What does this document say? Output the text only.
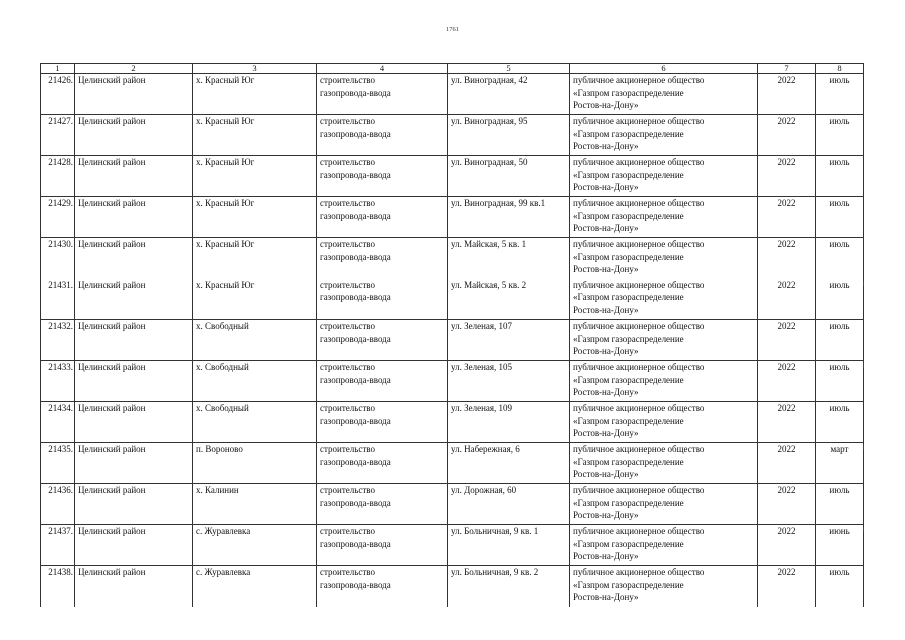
1761
1	2	3	4	5	6	7	8
21426.	Целинский район	х. Красный Юг	строительство
газопровода-ввода	ул. Виноградная, 42	публичное акционерное общество
«Газпром газораспределение
Ростов-на-Дону»	2022	июль
21427.	Целинский район	х. Красный Юг	строительство
газопровода-ввода	ул. Виноградная, 95	публичное акционерное общество
«Газпром газораспределение
Ростов-на-Дону»	2022	июль
21428.	Целинский район	х. Красный Юг	строительство
газопровода-ввода	ул. Виноградная, 50	публичное акционерное общество
«Газпром газораспределение
Ростов-на-Дону»	2022	июль
21429.	Целинский район	х. Красный Юг	строительство
газопровода-ввода	ул. Виноградная, 99 кв.1	публичное акционерное общество
«Газпром газораспределение
Ростов-на-Дону»	2022	июль
21430.	Целинский район	х. Красный Юг	строительство
газопровода-ввода	ул. Майская, 5 кв. 1	публичное акционерное общество
«Газпром газораспределение
Ростов-на-Дону»	2022	июль
21431.	Целинский район	х. Красный Юг	строительство
газопровода-ввода	ул. Майская, 5 кв. 2	публичное акционерное общество
«Газпром газораспределение
Ростов-на-Дону»	2022	июль
21432.	Целинский район	х. Свободный	строительство
газопровода-ввода	ул. Зеленая, 107	публичное акционерное общество
«Газпром газораспределение
Ростов-на-Дону»	2022	июль
21433.	Целинский район	х. Свободный	строительство
газопровода-ввода	ул. Зеленая, 105	публичное акционерное общество
«Газпром газораспределение
Ростов-на-Дону»	2022	июль
21434.	Целинский район	х. Свободный	строительство
газопровода-ввода	ул. Зеленая, 109	публичное акционерное общество
«Газпром газораспределение
Ростов-на-Дону»	2022	июль
21435.	Целинский район	п. Вороново	строительство
газопровода-ввода	ул. Набережная, 6	публичное акционерное общество
«Газпром газораспределение
Ростов-на-Дону»	2022	март
21436.	Целинский район	х. Калинин	строительство
газопровода-ввода	ул. Дорожная, 60	публичное акционерное общество
«Газпром газораспределение
Ростов-на-Дону»	2022	июль
21437.	Целинский район	с. Журавлевка	строительство
газопровода-ввода	ул. Больничная, 9 кв. 1	публичное акционерное общество
«Газпром газораспределение
Ростов-на-Дону»	2022	июнь
21438.	Целинский район	с. Журавлевка	строительство
газопровода-ввода	ул. Больничная, 9 кв. 2	публичное акционерное общество
«Газпром газораспределение
Ростов-на-Дону»	2022	июль
